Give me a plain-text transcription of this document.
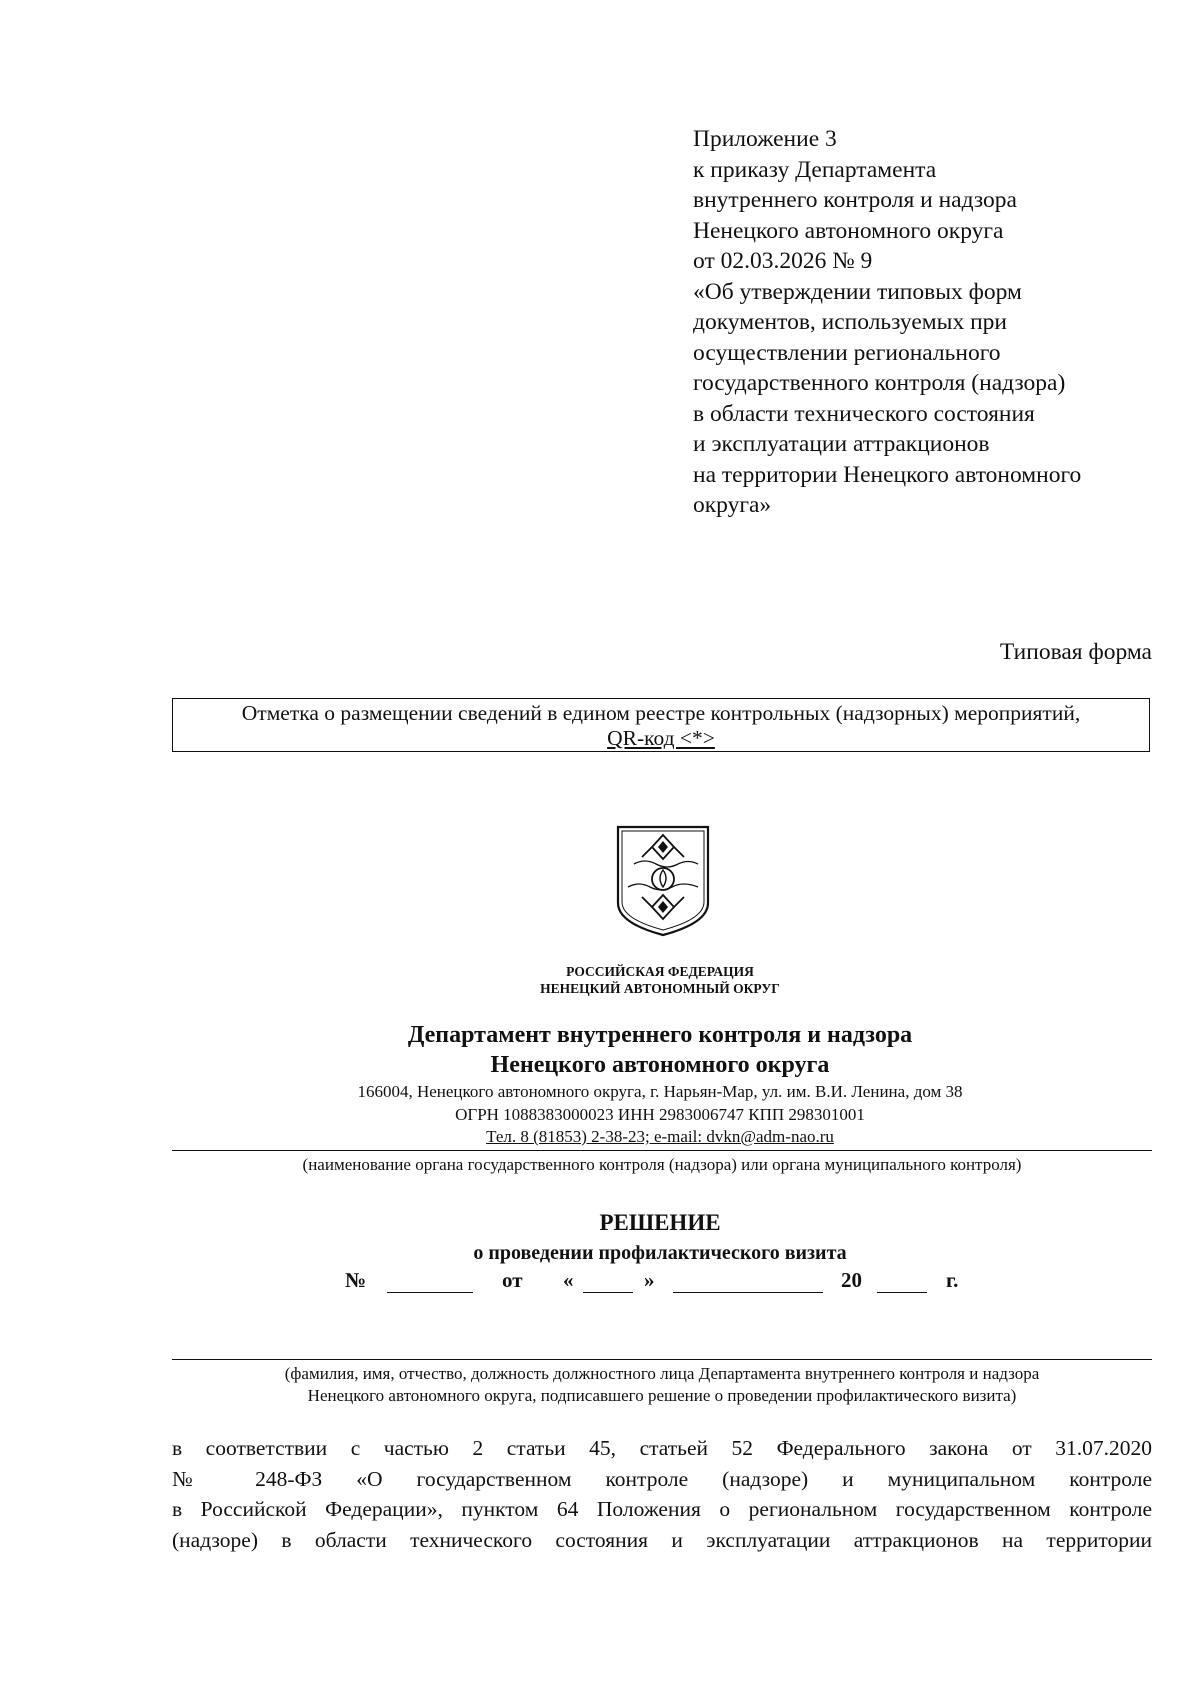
Приложение 3
к приказу Департамента
внутреннего контроля и надзора
Ненецкого автономного округа
от 02.03.2026 № 9
«Об утверждении типовых форм
документов, используемых при
осуществлении регионального
государственного контроля (надзора)
в области технического состояния
и эксплуатации аттракционов
на территории Ненецкого автономного
округа»
Типовая форма
Отметка о размещении сведений в едином реестре контрольных (надзорных) мероприятий,
QR-код <*>
РОССИЙСКАЯ ФЕДЕРАЦИЯ
НЕНЕЦКИЙ АВТОНОМНЫЙ ОКРУГ
Департамент внутреннего контроля и надзора
Ненецкого автономного округа
166004, Ненецкого автономного округа, г. Нарьян-Мар, ул. им. В.И. Ленина, дом 38
ОГРН 1088383000023 ИНН 2983006747 КПП 298301001
Тел. 8 (81853) 2-38-23; e-mail: dvkn@adm-nao.ru
(наименование органа государственного контроля (надзора) или органа муниципального контроля)
РЕШЕНИЕ
о проведении профилактического визита
№	от «	»	20	г.
(фамилия, имя, отчество, должность должностного лица Департамента внутреннего контроля и надзора
Ненецкого автономного округа, подписавшего решение о проведении профилактического визита)
в соответствии с частью 2 статьи 45, статьей 52 Федерального закона от 31.07.2020
№ 248-ФЗ «О государственном контроле (надзоре) и муниципальном контроле
в Российской Федерации», пунктом 64 Положения о региональном государственном контроле
(надзоре) в области технического состояния и эксплуатации аттракционов на территории
